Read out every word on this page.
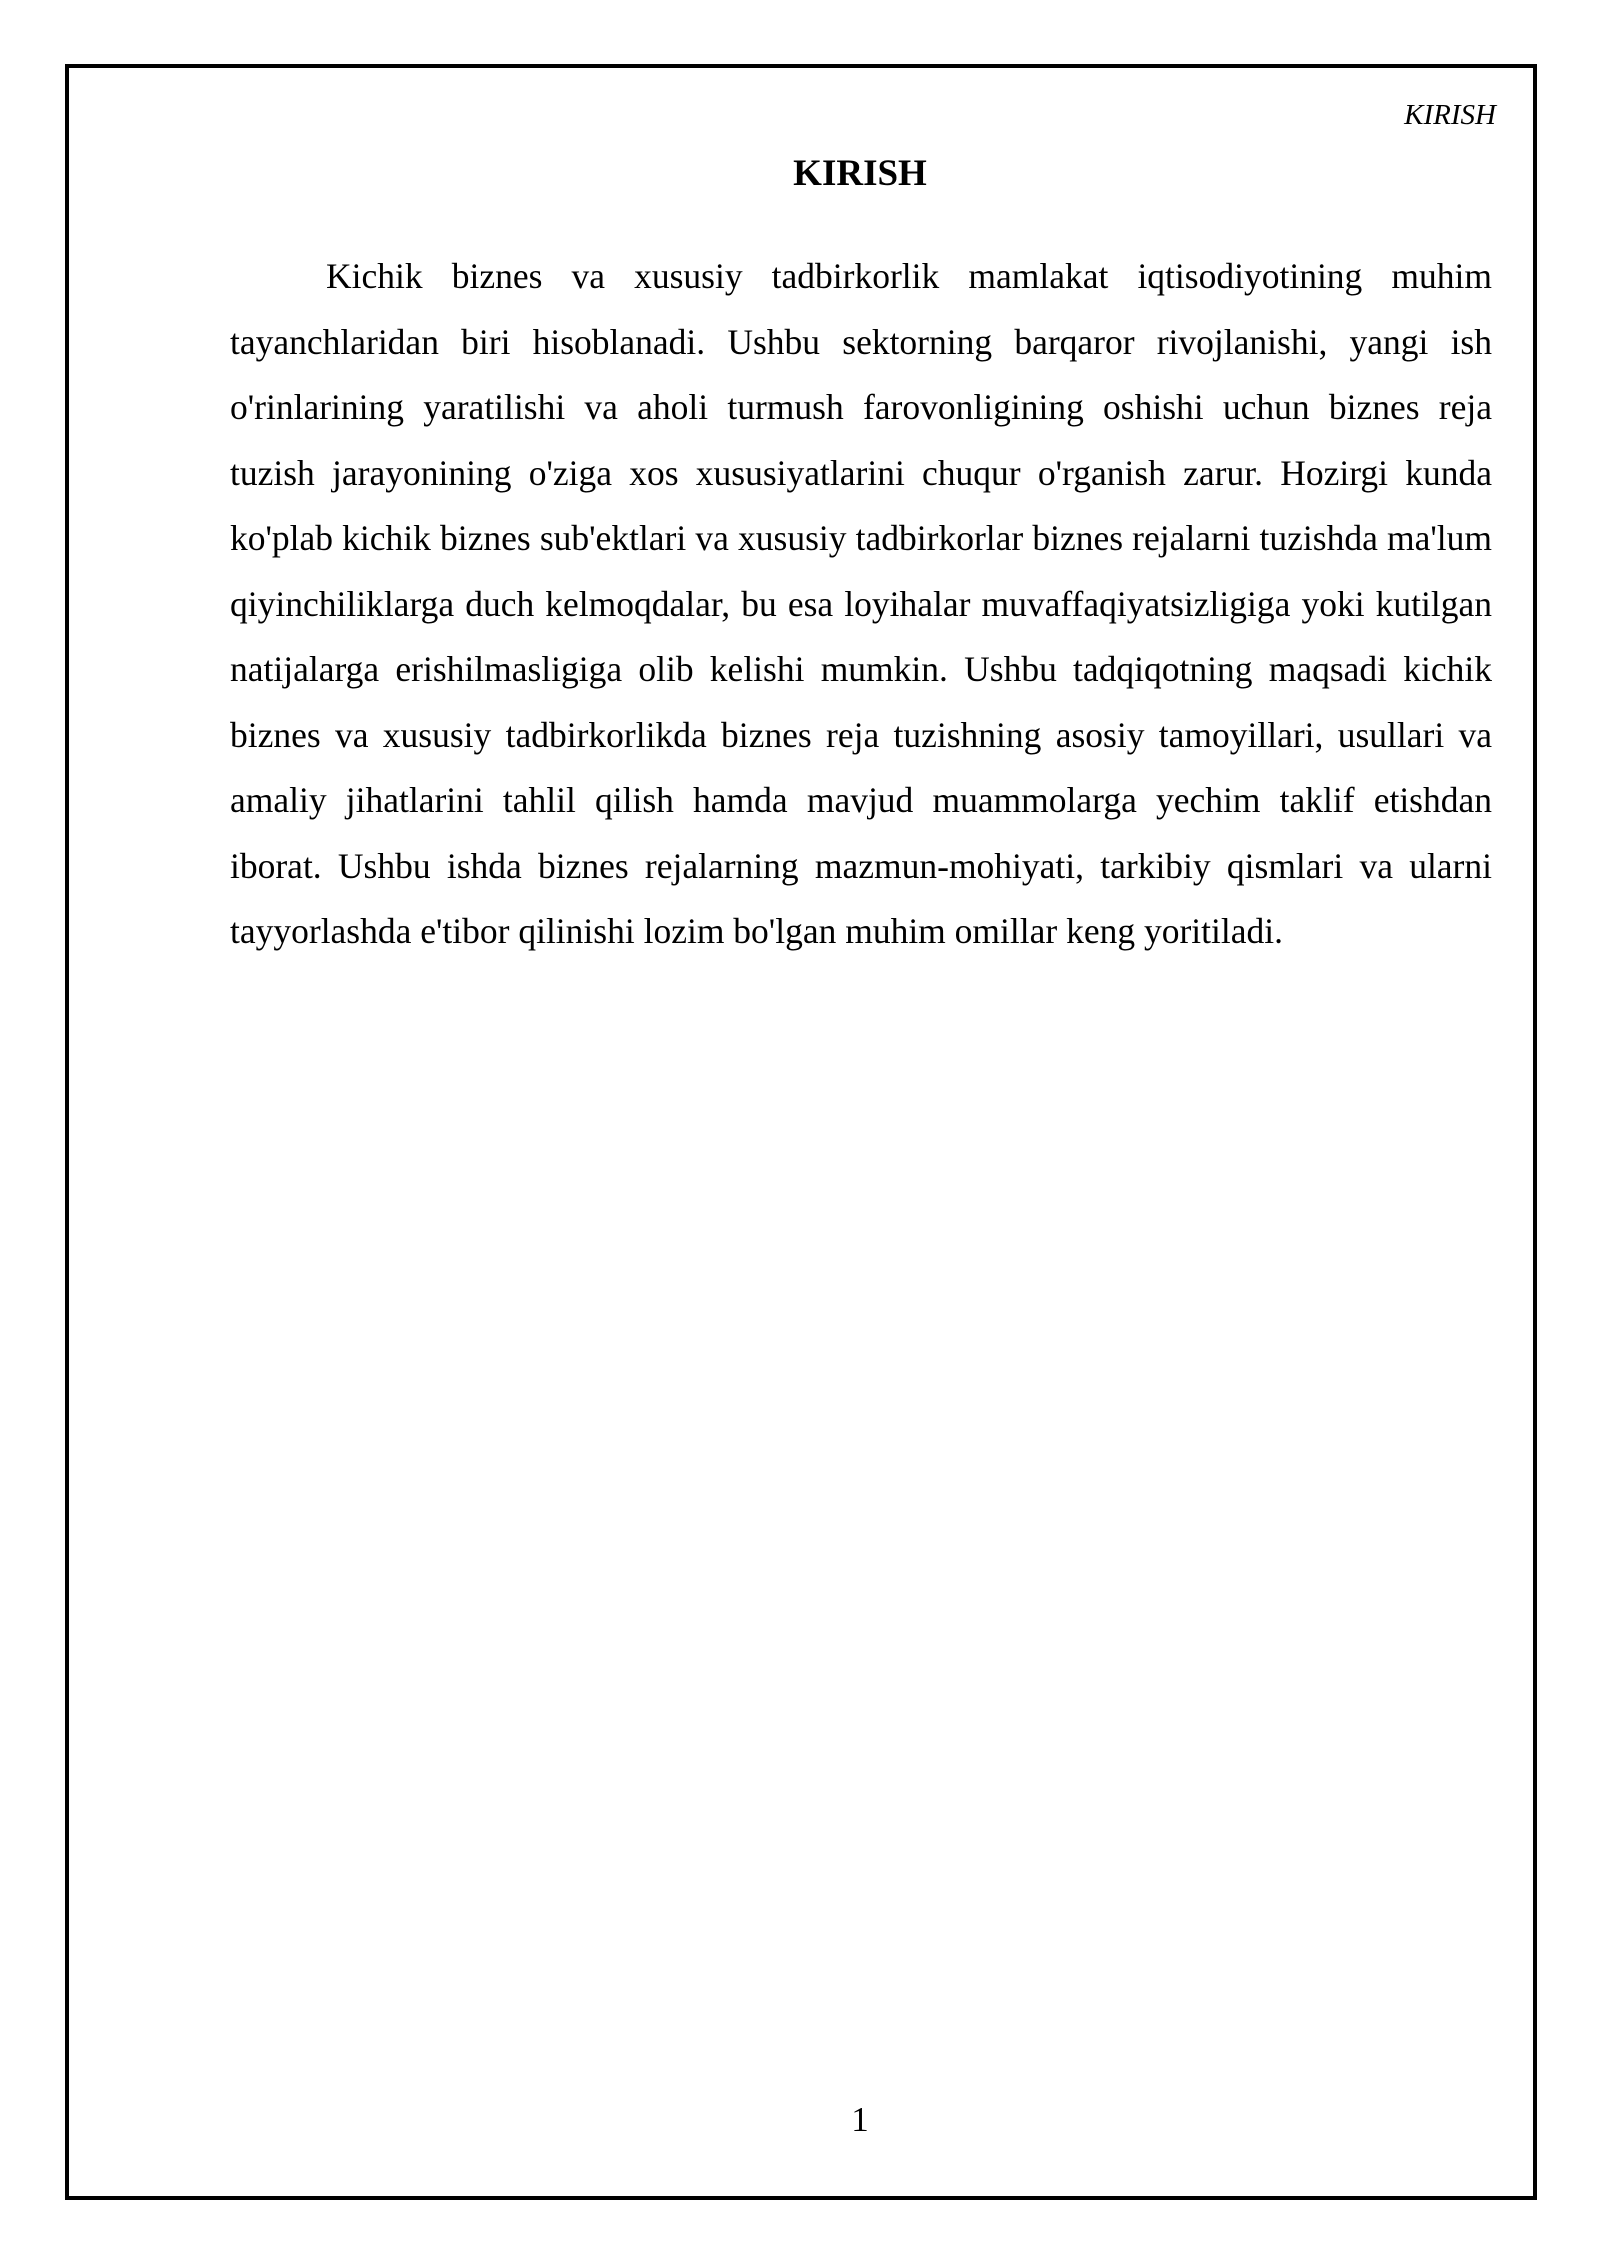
KIRISH
KIRISH

Kichik biznes va xususiy tadbirkorlik mamlakat iqtisodiyotining muhim tayanchlaridan biri hisoblanadi. Ushbu sektorning barqaror rivojlanishi, yangi ish o'rinlarining yaratilishi va aholi turmush farovonligining oshishi uchun biznes reja tuzish jarayonining o'ziga xos xususiyatlarini chuqur o'rganish zarur. Hozirgi kunda ko'plab kichik biznes sub'ektlari va xususiy tadbirkorlar biznes rejalarni tuzishda ma'lum qiyinchiliklarga duch kelmoqdalar, bu esa loyihalar muvaffaqiyatsizligiga yoki kutilgan natijalarga erishilmasligiga olib kelishi mumkin. Ushbu tadqiqotning maqsadi kichik biznes va xususiy tadbirkorlikda biznes reja tuzishning asosiy tamoyillari, usullari va amaliy jihatlarini tahlil qilish hamda mavjud muammolarga yechim taklif etishdan iborat. Ushbu ishda biznes rejalarning mazmun-mohiyati, tarkibiy qismlari va ularni tayyorlashda e'tibor qilinishi lozim bo'lgan muhim omillar keng yoritiladi.

1
